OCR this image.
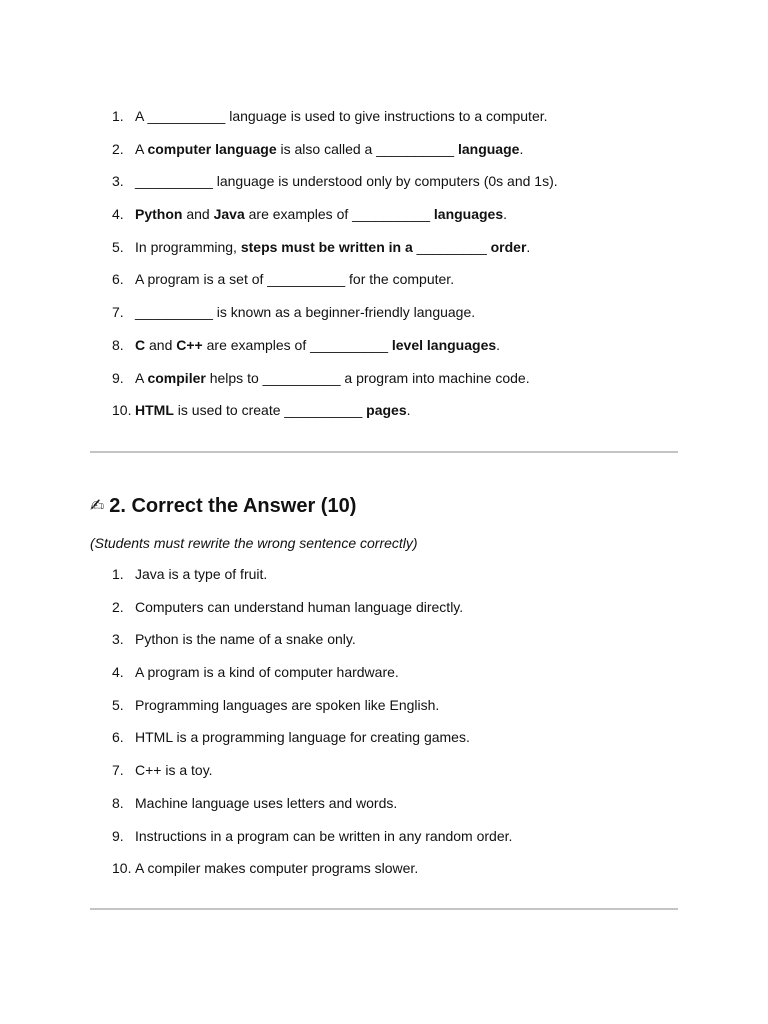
1. A __________ language is used to give instructions to a computer.
2. A computer language is also called a __________ language.
3. __________ language is understood only by computers (0s and 1s).
4. Python and Java are examples of __________ languages.
5. In programming, steps must be written in a _________ order.
6. A program is a set of __________ for the computer.
7. __________ is known as a beginner-friendly language.
8. C and C++ are examples of __________ level languages.
9. A compiler helps to __________ a program into machine code.
10. HTML is used to create __________ pages.
✍ 2. Correct the Answer (10)
(Students must rewrite the wrong sentence correctly)
1. Java is a type of fruit.
2. Computers can understand human language directly.
3. Python is the name of a snake only.
4. A program is a kind of computer hardware.
5. Programming languages are spoken like English.
6. HTML is a programming language for creating games.
7. C++ is a toy.
8. Machine language uses letters and words.
9. Instructions in a program can be written in any random order.
10. A compiler makes computer programs slower.
